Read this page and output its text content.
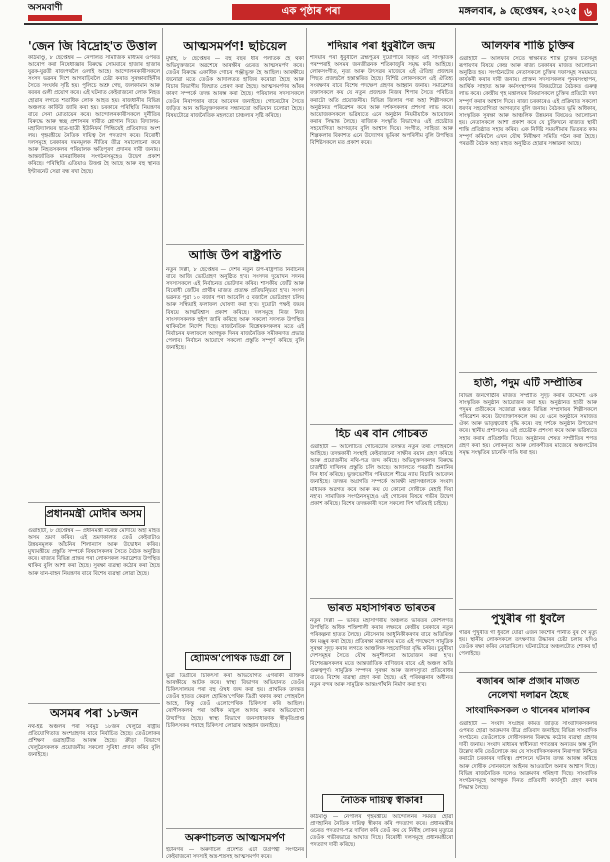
অসমবাণী	এক পৃষ্ঠাৰ পৰা	মঙ্গলবাৰ, ৯ ছেপ্তেম্বৰ, ২০২৫ ৬
'জেন জি বিদ্ৰোহ'ত উত্তাল

কাঠমাণ্ডু, ৮ ছেপ্তেম্বৰ — নেপালত সামাজিক মাধ্যমৰ ওপৰত আৰোপ কৰা নিষেধাজ্ঞাৰ বিৰুদ্ধে সোমবাৰে হাজাৰ হাজাৰ যুৱক-যুৱতী ৰাজপথলৈ ওলাই আহে। আন্দোলনকাৰীসকলে সংসদ ভৱনৰ দিশে আগবাঢ়িবলৈ চেষ্টা কৰাত সুৰক্ষাবাহিনীৰ সৈতে সংঘৰ্ষৰ সৃষ্টি হয়। পুলিচে অশ্ৰু গেছ, জলকামান আৰু ৰবৰৰ গুলী প্ৰয়োগ কৰে। এই ঘটনাত কেইবাজনো লোক নিহত হোৱাৰ লগতে শতাধিক লোক আহত হয়। ৰাজধানীৰ বিভিন্ন অঞ্চলত কাৰ্ফিউ জাৰি কৰা হয়। চৰকাৰে পৰিস্থিতি নিয়ন্ত্ৰণৰ বাবে সেনা মোতায়েন কৰে। আন্দোলনকাৰীসকলে দুৰ্নীতিৰ বিৰুদ্ধে আৰু স্বচ্ছ প্ৰশাসনৰ দাবীত শ্লোগান দিয়ে। বিদ্যালয়-মহাবিদ্যালয়ৰ ছাত্ৰ-ছাত্ৰী ইউনিফৰ্ম পিন্ধিয়েই প্ৰতিবাদত অংশ লয়। গৃহমন্ত্ৰীয়ে নৈতিক দায়িত্ব লৈ পদত্যাগ কৰে। বিৰোধী দলসমূহে চৰকাৰৰ দমনমূলক নীতিৰ তীব্ৰ সমালোচনা কৰে আৰু নিহতসকলৰ পৰিয়ালক ক্ষতিপূৰণ প্ৰদানৰ দাবী জনায়। আন্তৰ্জাতিক মানৱাধিকাৰ সংগঠনসমূহেও উদ্বেগ প্ৰকাশ কৰিছে। পৰিস্থিতি এতিয়াও উত্তপ্ত হৈ আছে আৰু বহু স্থানত ইণ্টাৰনেট সেৱা বন্ধ ৰখা হৈছে।

প্ৰধানমন্ত্ৰী মোদীৰ অসম

গুৱাহাটী, ৮ ছেপ্তেম্বৰ — প্ৰধানমন্ত্ৰী নৰেন্দ্ৰ মোদীয়ে অহা মাহত অসম ভ্ৰমণ কৰিব। এই ভ্ৰমণকালত তেওঁ কেইবাটাও উন্নয়নমূলক আঁচনিৰ শিলান্যাস আৰু উদ্বোধন কৰিব। মুখ্যমন্ত্ৰীয়ে প্ৰস্তুতি সম্পৰ্কে বিষয়াসকলৰ সৈতে বৈঠক অনুষ্ঠিত কৰে। ৰাজ্যৰ বিভিন্ন প্ৰান্তৰ পৰা লোকসকল সমাৱেশত উপস্থিত থাকিব বুলি আশা কৰা হৈছে। সুৰক্ষা ব্যৱস্থা কঠোৰ কৰা হৈছে আৰু যান-বাহন নিয়ন্ত্ৰণৰ বাবে বিশেষ ব্যৱস্থা লোৱা হৈছে।

অসমৰ পৰা ১৮জন

নৰ্থ-ইষ্ট অঞ্চলৰ পৰা সৰ্বমুঠ ১৮জন খেলুৱৈ ৰাষ্ট্ৰীয় প্ৰতিযোগিতাত অংশগ্ৰহণৰ বাবে নিৰ্বাচিত হৈছে। তেওঁলোকৰ প্ৰশিক্ষণ গুৱাহাটীত আৰম্ভ হৈছে। ক্ৰীড়া বিভাগে খেলুৱৈসকলক প্ৰয়োজনীয় সকলো সুবিধা প্ৰদান কৰিব বুলি জনাইছে।

আত্মসমৰ্পণ! ছচিয়েল

মুম্বাই, ৮ ছেপ্তেম্বৰ — বহু বছৰ ধৰি পলাতক হৈ থকা অভিযুক্তজনে অৱশেষে আৰক্ষীৰ ওচৰত আত্মসমৰ্পণ কৰে। তেওঁৰ বিৰুদ্ধে একাধিক গোচৰ পঞ্জীভুক্ত হৈ আছিল। আৰক্ষীয়ে জনোৱা মতে তেওঁক আদালতত হাজিৰ কৰোৱা হৈছে আৰু বিচাৰ বিভাগীয় জিম্মাত প্ৰেৰণ কৰা হৈছে। আত্মসমৰ্পণৰ আঁৰৰ কাৰণ সম্পৰ্কে তদন্ত আৰম্ভ কৰা হৈছে। পৰিয়ালৰ সদস্যসকলে তেওঁৰ নিৰাপত্তাৰ বাবে আবেদন জনাইছে। গোচৰটোৰ সৈতে জড়িত আন অভিযুক্তসকলৰ সন্ধানতো অভিযান চলোৱা হৈছে। বিষয়টোৱে ৰাজনৈতিক মহলতো চাঞ্চল্যৰ সৃষ্টি কৰিছে।

আজি উপ ৰাষ্ট্ৰপতি

নতুন দিল্লী, ৮ ছেপ্তেম্বৰ — দেশৰ নতুন উপ-ৰাষ্ট্ৰপতি নিৰ্বাচনৰ বাবে আজি ভোটগ্ৰহণ অনুষ্ঠিত হ'ব। সংসদৰ দুয়োখন সদনৰ সদস্যসকলে এই নিৰ্বাচনত ভোটদান কৰিব। শাসকীয় জোঁট আৰু বিৰোধী জোঁটৰ প্ৰাৰ্থীৰ মাজত প্ৰত্যক্ষ প্ৰতিদ্বন্দ্বিতা হ'ব। সংসদ ভৱনত পুৱা ১০ বজাৰ পৰা আবেলি ৫ বজালৈ ভোটগ্ৰহণ চলিব আৰু সন্ধিয়াই ফলাফল ঘোষণা কৰা হ'ব। দুয়োটা পক্ষই জয়ৰ বিষয়ে আত্মবিশ্বাস প্ৰকাশ কৰিছে। দলসমূহে নিজ নিজ সাংসদসকলক হুইপ জাৰি কৰিছে আৰু সকলো সদস্যক উপস্থিত থাকিবলৈ নিৰ্দেশ দিছে। ৰাজনৈতিক বিশ্লেষকসকলৰ মতে এই নিৰ্বাচনৰ ফলাফলে আগন্তুক দিনৰ ৰাজনৈতিক সমীকৰণত প্ৰভাৱ পেলাব। নিৰ্বাচন আয়োগে সকলো প্ৰস্তুতি সম্পূৰ্ণ কৰিছে বুলি জনাইছে।

হোমিঅ'পেথিক ডিগ্ৰী লৈ

ভুৱা ডিগ্ৰীৰে চিকিৎসা কৰা অভিযোগত এগৰাকী ব্যক্তিক আৰক্ষীয়ে আটক কৰে। স্বাস্থ্য বিভাগৰ অভিযানত তেওঁৰ চিকিৎসালয়ৰ পৰা বহু ঔষধ জব্দ কৰা হয়। প্ৰাথমিক তদন্তত তেওঁৰ হাতত কেৱল হোমিঅ'পেথিক ডিগ্ৰী থকাৰ কথা পোহৰলৈ আহে, কিন্তু তেওঁ এলোপেথিক চিকিৎসা কৰি আছিল। ৰোগীসকলৰ পৰা অধিক মাচুল আদায় কৰাৰ অভিযোগো উত্থাপিত হৈছে। স্বাস্থ্য বিভাগে জনসাধাৰণক স্বীকৃতিপ্ৰাপ্ত চিকিৎসকৰ পৰাহে চিকিৎসা লোৱাৰ আহ্বান জনাইছে।

অৰুণাচলত আত্মসমৰ্পণ

ইটানগৰ — অৰুণাচল প্ৰদেশত এটা উগ্ৰপন্থী সংগঠনৰ কেইবাজনো সদস্যই অস্ত্ৰ-শস্ত্ৰসহ আত্মসমৰ্পণ কৰে।

শদিয়াৰ পৰা ধুবুৰীলৈ জন্ম

শদিয়াৰ পৰা ধুবুৰীলৈ ব্ৰহ্মপুত্ৰৰ দুয়োপাৰে বিস্তৃত এই সাংস্কৃতিক পৰম্পৰাই অসমৰ জনজীৱনক শতিকাজুৰি সমৃদ্ধ কৰি আহিছে। লোকসংগীত, নৃত্য আৰু উৎসৱৰ মাজেৰে এই ঐতিহ্য প্ৰজন্মৰ পিছত প্ৰজন্মলৈ হস্তান্তৰিত হৈছে। বিশিষ্ট লোকসকলে এই ঐতিহ্য সংৰক্ষণৰ বাবে বিশেষ পদক্ষেপ গ্ৰহণৰ আহ্বান জনায়। সমাৱেশত বক্তাসকলে কয় যে নতুন প্ৰজন্মক নিজৰ শিপাৰ সৈতে পৰিচিত কৰাটো অতি প্ৰয়োজনীয়। বিভিন্ন জিলাৰ পৰা অহা শিল্পীসকলে অনুষ্ঠানত পৰিৱেশন কৰে আৰু দৰ্শকসকলৰ প্ৰশংসা লাভ কৰে। আয়োজকসকলে ভৱিষ্যতে এনে অনুষ্ঠান নিয়মীয়াকৈ আয়োজন কৰাৰ সিদ্ধান্ত লৈছে। ৰাজ্যিক সংস্কৃতি বিভাগেও এই প্ৰচেষ্টাত সহযোগিতা আগবঢ়াব বুলি আশ্বাস দিয়ে। সংগীত, সাহিত্য আৰু শিল্পকলাৰ বিকাশত এনে উদ্যোগৰ ভূমিকা অপৰিসীম বুলি উপস্থিত বিশিষ্টসকলে মত প্ৰকাশ কৰে।

হিচ এৰ বান গোচৰত

গুৱাহাটী — আলোচিত গোচৰটোৰ তদন্তত নতুন তথ্য পোহৰলৈ আহিছে। তদন্তকাৰী সংস্থাই কেইবাজনো সাক্ষীৰ বয়ান গ্ৰহণ কৰিছে আৰু প্ৰয়োজনীয় নথি-পত্ৰ জব্দ কৰিছে। অভিযুক্তসকলৰ বিৰুদ্ধে চাৰ্জশ্বীট দাখিলৰ প্ৰস্তুতি চলি আছে। আদালতে পৰৱৰ্তী শুনানিৰ দিন ধাৰ্য কৰিছে। ভুক্তভোগীৰ পৰিয়ালে শীঘ্ৰে ন্যায় বিচাৰি আবেদন জনাইছে। তদন্তৰ অগ্ৰগতি সম্পৰ্কে আৰক্ষী মহাসঞ্চালকে সংবাদ মাধ্যমক অৱগত কৰে আৰু কয় যে কোনো দোষীকে ৰেহাই দিয়া নহ'ব। সামাজিক সংগঠনসমূহেও এই গোচৰৰ বিষয়ে গভীৰ উদ্বেগ প্ৰকাশ কৰিছে। বিশেষ তদন্তকাৰী দলে সকলো দিশ খতিয়াই চাইছে।

ভাৰত মহাসাগৰত ভাৰতৰ

নতুন দিল্লী — ভাৰত মহাসাগৰীয় অঞ্চলত ভাৰতৰ কৌশলগত উপস্থিতি অধিক শক্তিশালী কৰাৰ লক্ষ্যৰে কেন্দ্ৰীয় চৰকাৰে নতুন পৰিকল্পনা হাতত লৈছে। নৌসেনাৰ আধুনিকীকৰণৰ বাবে অতিৰিক্ত ধন মঞ্জুৰ কৰা হৈছে। প্ৰতিৰক্ষা মন্ত্ৰালয়ৰ মতে এই পদক্ষেপে সামুদ্ৰিক সুৰক্ষা সুদৃঢ় কৰাৰ লগতে আঞ্চলিক সহযোগিতা বৃদ্ধি কৰিব। চুবুৰীয়া দেশসমূহৰ সৈতে যৌথ অনুশীলনো আয়োজন কৰা হ'ব। বিশেষজ্ঞসকলৰ মতে আন্তৰ্জাতিক বাণিজ্যৰ বাবে এই অঞ্চল অতি গুৰুত্বপূৰ্ণ। সামুদ্ৰিক সম্পদৰ সুৰক্ষা আৰু জলদস্যুতা প্ৰতিৰোধৰ বাবেও বিশেষ ব্যৱস্থা গ্ৰহণ কৰা হৈছে। এই পৰিকল্পনাৰ অধীনত নতুন বন্দৰ আৰু সামুদ্ৰিক আন্তঃগাঁথনি নিৰ্মাণ কৰা হ'ব।

নৈতিক দায়িত্ব স্বীকাৰ!

কাঠমাণ্ডু — নেপালৰ গৃহমন্ত্ৰীয়ে আন্দোলনৰ সময়ত হোৱা প্ৰাণহানিৰ নৈতিক দায়িত্ব স্বীকাৰ কৰি পদত্যাগ কৰে। প্ৰধানমন্ত্ৰীৰ ওচৰত পদত্যাগ-পত্ৰ দাখিল কৰি তেওঁ কয় যে নিৰীহ লোকৰ মৃত্যুৱে তেওঁক গভীৰভাৱে আঘাত দিছে। বিৰোধী দলসমূহে প্ৰধানমন্ত্ৰীৰো পদত্যাগ দাবী কৰিছে।

আলফাৰ শান্তি চুক্তিৰ

গুৱাহাটী — আলফাৰ সৈতে স্বাক্ষৰিত শান্তি চুক্তিৰ চৰ্তসমূহ ৰূপায়ণৰ বিষয়ে কেন্দ্ৰ আৰু ৰাজ্য চৰকাৰৰ মাজত আলোচনা অনুষ্ঠিত হয়। সংগঠনটোৰ নেতাসকলে চুক্তিৰ দফাসমূহ সময়মতে কাৰ্যকৰী কৰাৰ দাবী জনায়। প্ৰাক্তন সদস্যসকলৰ পুনৰসংস্থাপন, আৰ্থিক সাহায্য আৰু কৰ্মসংস্থাপনৰ বিষয়টোৱে বৈঠকত গুৰুত্ব লাভ কৰে। কেন্দ্ৰীয় গৃহ মন্ত্ৰালয়ৰ বিষয়াসকলে চুক্তিৰ প্ৰতিটো দফা সম্পূৰ্ণ কৰাৰ আশ্বাস দিয়ে। ৰাজ্য চৰকাৰেও এই প্ৰক্ৰিয়াত সকলো ধৰণৰ সহযোগিতা আগবঢ়াব বুলি জনায়। বৈঠকত ভূমি অধিকাৰ, সাংস্কৃতিক সুৰক্ষা আৰু আঞ্চলিক উন্নয়নৰ বিষয়েও আলোচনা হয়। নেতাসকলে আশা প্ৰকাশ কৰে যে চুক্তিখনে ৰাজ্যত স্থায়ী শান্তি প্ৰতিষ্ঠাত সহায় কৰিব। এক নিৰ্দিষ্ট সময়সীমাৰ ভিতৰত কাম সম্পূৰ্ণ কৰিবলৈ এখন যৌথ নিৰীক্ষণ সমিতি গঠন কৰা হৈছে। পৰৱৰ্তী বৈঠক অহা মাহত অনুষ্ঠিত হোৱাৰ সম্ভাৱনা আছে।

হাতী, পদুম এটি সম্প্ৰীতিৰ

বিভিন্ন জনগোষ্ঠীৰ মাজত সম্প্ৰীতি সুদৃঢ় কৰাৰ উদ্দেশ্যে এক সাংস্কৃতিক অনুষ্ঠান আয়োজন কৰা হয়। অনুষ্ঠানত হাতী আৰু পদুমৰ প্ৰতীকেৰে সজোৱা মঞ্চত বিভিন্ন সম্প্ৰদায়ৰ শিল্পীসকলে পৰিৱেশন কৰে। উদ্যোক্তাসকলে কয় যে এনে অনুষ্ঠানে সমাজত ঐক্য আৰু ভাতৃত্ববোধ বৃদ্ধি কৰে। বহু দৰ্শকে অনুষ্ঠান উপভোগ কৰে। স্থানীয় প্ৰশাসনেও এই প্ৰচেষ্টাক প্ৰশংসা কৰে আৰু ভৱিষ্যতে সহায় কৰাৰ প্ৰতিশ্ৰুতি দিয়ে। অনুষ্ঠানৰ শেষত সম্প্ৰীতিৰ শপত গ্ৰহণ কৰা হয়। লোকনৃত্য আৰু লোকগীতৰ মাজেৰে অঞ্চলটোৰ সমৃদ্ধ সংস্কৃতিৰ চানেকি দাঙি ধৰা হয়।

পুখুৰীৰ গা ধুবলৈ

গাঁৱৰ পুখুৰীত গা ধুবলৈ যোৱা এজন কিশোৰ পানীত বুৰ গৈ মৃত্যু হয়। স্থানীয় লোকসকলে তৎক্ষণাত উদ্ধাৰৰ চেষ্টা চলায় যদিও তেওঁক ৰক্ষা কৰিব নোৱাৰিলে। ঘটনাটোৱে অঞ্চলটোত শোকৰ ছাঁ পেলাইছে।

ৰজাৰৰ আৰু প্ৰজাৰ মাজত
নেলেখা দলাৱন হৈছে
সাংবাদিকসকল ৩ থানেৰৰ মালাকৰ

গুৱাহাটী — সংবাদ সংগ্ৰহৰ কামত জড়িত সাংবাদিকসকলৰ ওপৰত হোৱা আক্ৰমণৰ তীব্ৰ প্ৰতিবাদ জনাইছে বিভিন্ন সাংবাদিক সংগঠনে। তেওঁলোকে দোষীসকলৰ বিৰুদ্ধে কঠোৰ ব্যৱস্থা গ্ৰহণৰ দাবী জনায়। সংবাদ মাধ্যমৰ স্বাধীনতা গণতন্ত্ৰৰ অন্যতম স্তম্ভ বুলি উল্লেখ কৰি তেওঁলোকে কয় যে সাংবাদিকসকলৰ নিৰাপত্তা নিশ্চিত কৰাটো চৰকাৰৰ দায়িত্ব। প্ৰশাসনে ঘটনাৰ তদন্ত আৰম্ভ কৰিছে আৰু দোষীক সোনকালে আইনৰ আওতালৈ অনাৰ আশ্বাস দিছে। বিভিন্ন ৰাজনৈতিক দলেও আক্ৰমণৰ গৰিহণা দিছে। সাংবাদিক সংগঠনসমূহে আগন্তুক দিনত প্ৰতিবাদী কাৰ্যসূচী গ্ৰহণ কৰাৰ সিদ্ধান্ত লৈছে।
